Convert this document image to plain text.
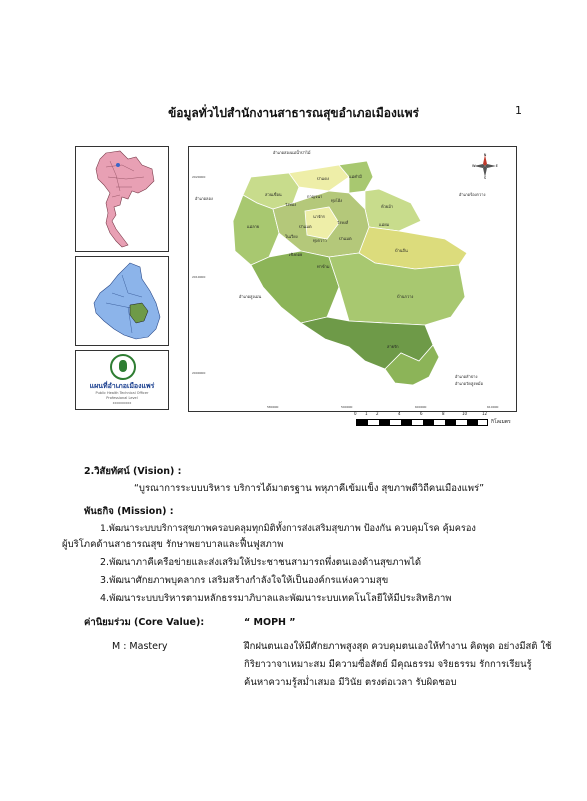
ข้อมูลทั่วไปสำนักงานสาธารณสุขอำเภอเมืองแพร่	1
แผนที่อำเภอเมืองแพร่
Public Health Technical Officer
Professional Level
xxxxxxxxx
อำเภอสองแม่น้ำป่าไม้
อำเภอลอง
อำเภอร้องกวาง
อำเภอสูงเม่น
อำเภอลำปาง
อำเภอวัดสูงหม้อ
ป่าแดง
สวนเขื่อน
แม่คำมี
วังทอง
กาญจนา
ทุ่งโฮ้ง
แม่ลาย
นาจักร
ห้วยม้า
ป่าแมต
วังหงส์	แม่ยม
ในเวียง
ทุ่งกวาว	ป่าแมต
บ้านถิ่น
เชิงดอย
ท่าข้าม
บ้านกวาง
สายรัก
2020000
2010000
2000000
580000	590000	600000	610000
N
E
S
W
0 1 2	4	6	8	10	12
กิโลเมตร
2.วิสัยทัศน์ (Vision) :
“บูรณาการระบบบริหาร บริการได้มาตรฐาน พหุภาคีเข้มแข็ง สุขภาพดีวิถีคนเมืองแพร่”
พันธกิจ (Mission) :
1.พัฒนาระบบบริการสุขภาพครอบคลุมทุกมิติทั้งการส่งเสริมสุขภาพ ป้องกัน ควบคุมโรค คุ้มครอง
ผู้บริโภคด้านสาธารณสุข รักษาพยาบาลและฟื้นฟูสภาพ
2.พัฒนาภาคีเครือข่ายและส่งเสริมให้ประชาชนสามารถพึ่งตนเองด้านสุขภาพได้
3.พัฒนาศักยภาพบุคลากร เสริมสร้างกำลังใจให้เป็นองค์กรแห่งความสุข
4.พัฒนาระบบบริหารตามหลักธรรมาภิบาลและพัฒนาระบบเทคโนโลยีให้มีประสิทธิภาพ
ค่านิยมร่วม (Core Value):	“ MOPH ”
M : Mastery	ฝึกฝนตนเองให้มีศักยภาพสูงสุด ควบคุมตนเองให้ทำงาน คิดพูด อย่างมีสติ ใช้
กิริยาวาจาเหมาะสม มีความซื่อสัตย์ มีคุณธรรม จริยธรรม รักการเรียนรู้
ค้นหาความรู้สม่ำเสมอ มีวินัย ตรงต่อเวลา รับผิดชอบ
